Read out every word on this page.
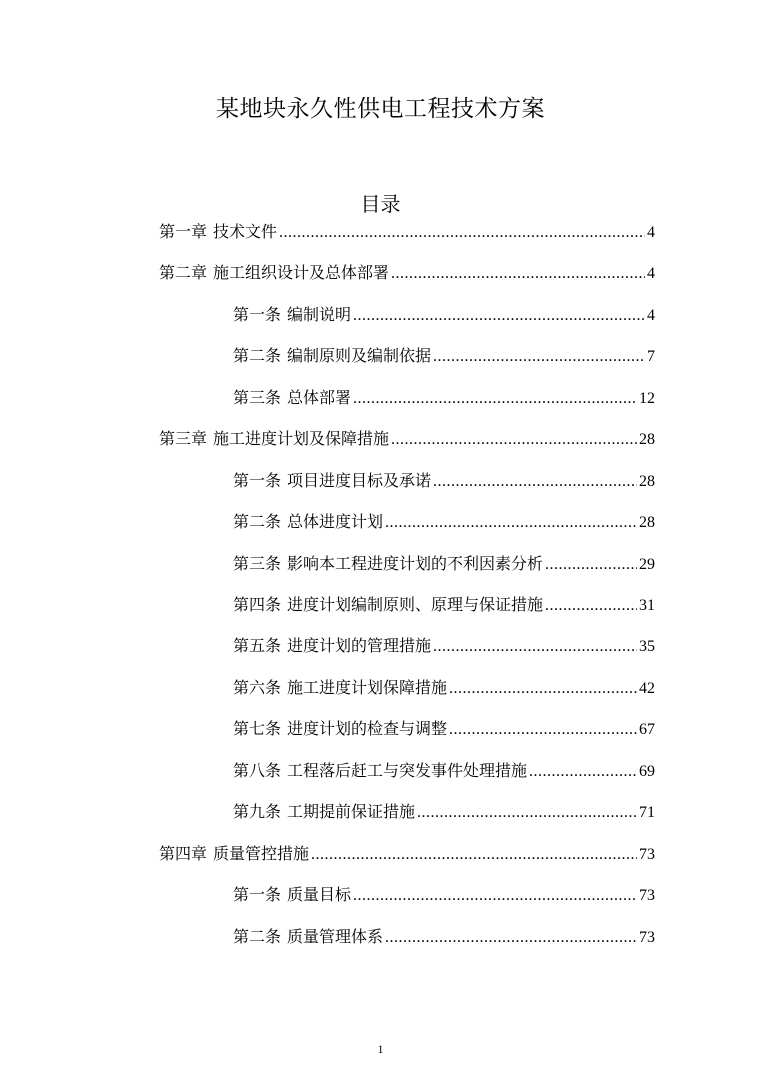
某地块永久性供电工程技术方案
目录
第一章 技术文件 .....	4
第二章 施工组织设计及总体部署 .....	4
第一条 编制说明 .....	4
第二条 编制原则及编制依据 .....	7
第三条 总体部署 .....	12
第三章 施工进度计划及保障措施 .....	28
第一条 项目进度目标及承诺 .....	28
第二条 总体进度计划 .....	28
第三条 影响本工程进度计划的不利因素分析 .....	29
第四条 进度计划编制原则、原理与保证措施 .....	31
第五条 进度计划的管理措施 .....	35
第六条 施工进度计划保障措施 .....	42
第七条 进度计划的检查与调整 .....	67
第八条 工程落后赶工与突发事件处理措施 .....	69
第九条 工期提前保证措施 .....	71
第四章 质量管控措施 .....	73
第一条 质量目标 .....	73
第二条 质量管理体系 .....	73
1
